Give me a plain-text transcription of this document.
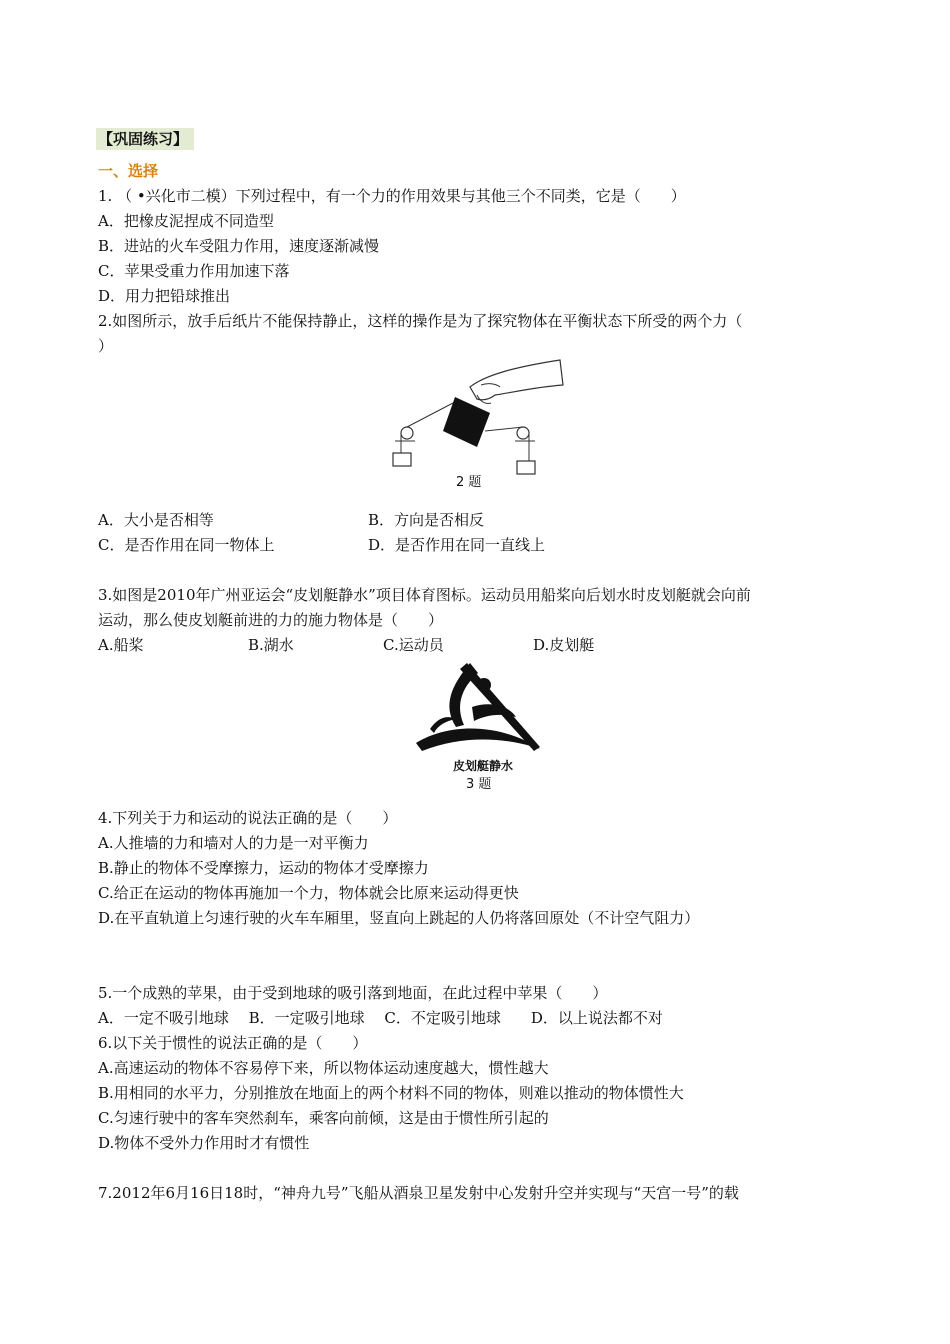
【巩固练习】
一、选择
1. （ •兴化市二模）下列过程中，有一个力的作用效果与其他三个不同类，它是（　　）
A．把橡皮泥捏成不同造型
B．进站的火车受阻力作用，速度逐渐减慢
C．苹果受重力作用加速下落
D．用力把铅球推出
2.如图所示，放手后纸片不能保持静止，这样的操作是为了探究物体在平衡状态下所受的两个力（
）
2 题
A．大小是否相等	B．方向是否相反
C．是否作用在同一物体上	D．是否作用在同一直线上
3.如图是2010年广州亚运会“皮划艇静水”项目体育图标。运动员用船桨向后划水时皮划艇就会向前
运动，那么使皮划艇前进的力的施力物体是（　　）
A.船桨	B.湖水	C.运动员	D.皮划艇
皮划艇静水
3 题
4.下列关于力和运动的说法正确的是（　　）
A.人推墙的力和墙对人的力是一对平衡力
B.静止的物体不受摩擦力，运动的物体才受摩擦力
C.给正在运动的物体再施加一个力，物体就会比原来运动得更快
D.在平直轨道上匀速行驶的火车车厢里，竖直向上跳起的人仍将落回原处（不计空气阻力）
5.一个成熟的苹果，由于受到地球的吸引落到地面，在此过程中苹果（　　）
A．一定不吸引地球　 B．一定吸引地球　 C．不定吸引地球　　D．以上说法都不对
6.以下关于惯性的说法正确的是（　　）
A.高速运动的物体不容易停下来，所以物体运动速度越大，惯性越大
B.用相同的水平力，分别推放在地面上的两个材料不同的物体，则难以推动的物体惯性大
C.匀速行驶中的客车突然刹车，乘客向前倾，这是由于惯性所引起的
D.物体不受外力作用时才有惯性
7.2012年6月16日18时，“神舟九号”飞船从酒泉卫星发射中心发射升空并实现与“天宫一号”的载
